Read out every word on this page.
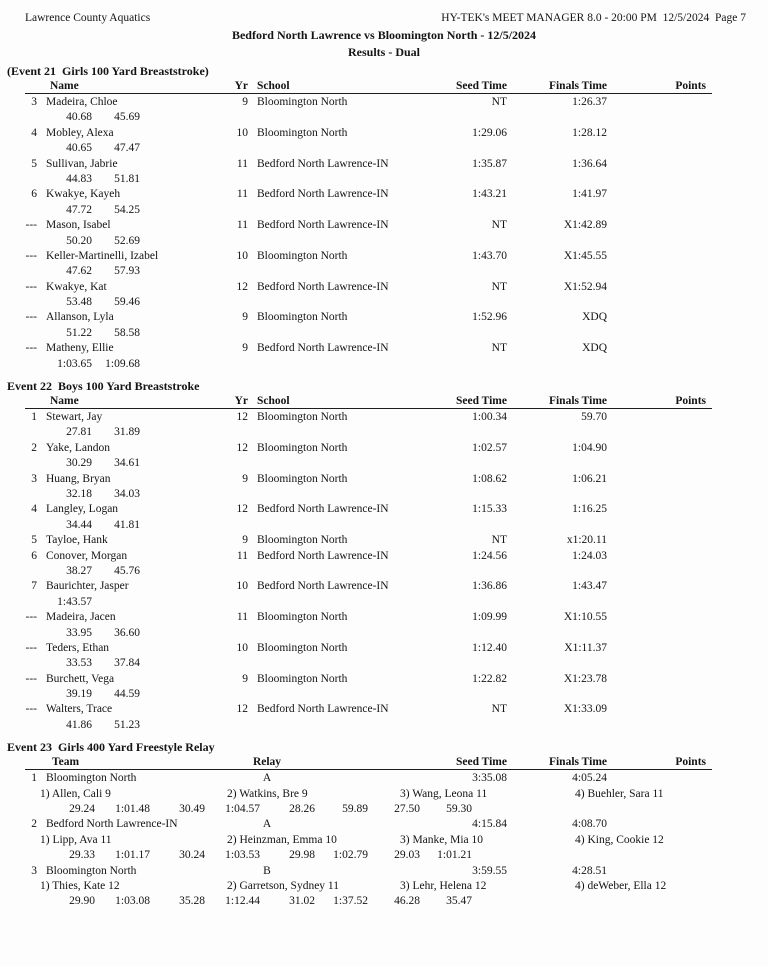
Lawrence County Aquatics	HY-TEK's MEET MANAGER 8.0 - 20:00 PM  12/5/2024  Page 7
Bedford North Lawrence vs Bloomington North - 12/5/2024
Results - Dual
(Event 21  Girls 100 Yard Breaststroke)
Name	Yr School	Seed Time	Finals Time	Points
3 Madeira, Chloe	9 Bloomington North	NT	1:26.37
40.68	45.69
4 Mobley, Alexa	10 Bloomington North	1:29.06	1:28.12
40.65	47.47
5 Sullivan, Jabrie	11 Bedford North Lawrence-IN	1:35.87	1:36.64
44.83	51.81
6 Kwakye, Kayeh	11 Bedford North Lawrence-IN	1:43.21	1:41.97
47.72	54.25
--- Mason, Isabel	11 Bedford North Lawrence-IN	NT	X1:42.89
50.20	52.69
--- Keller-Martinelli, Izabel	10 Bloomington North	1:43.70	X1:45.55
47.62	57.93
--- Kwakye, Kat	12 Bedford North Lawrence-IN	NT	X1:52.94
53.48	59.46
--- Allanson, Lyla	9 Bloomington North	1:52.96	XDQ
51.22	58.58
--- Matheny, Ellie	9 Bedford North Lawrence-IN	NT	XDQ
1:03.65	1:09.68
Event 22  Boys 100 Yard Breaststroke
Name	Yr School	Seed Time	Finals Time	Points
1 Stewart, Jay	12 Bloomington North	1:00.34	59.70
27.81	31.89
2 Yake, Landon	12 Bloomington North	1:02.57	1:04.90
30.29	34.61
3 Huang, Bryan	9 Bloomington North	1:08.62	1:06.21
32.18	34.03
4 Langley, Logan	12 Bedford North Lawrence-IN	1:15.33	1:16.25
34.44	41.81
5 Tayloe, Hank	9 Bloomington North	NT	x1:20.11
6 Conover, Morgan	11 Bedford North Lawrence-IN	1:24.56	1:24.03
38.27	45.76
7 Baurichter, Jasper	10 Bedford North Lawrence-IN	1:36.86	1:43.47
1:43.57
--- Madeira, Jacen	11 Bloomington North	1:09.99	X1:10.55
33.95	36.60
--- Teders, Ethan	10 Bloomington North	1:12.40	X1:11.37
33.53	37.84
--- Burchett, Vega	9 Bloomington North	1:22.82	X1:23.78
39.19	44.59
--- Walters, Trace	12 Bedford North Lawrence-IN	NT	X1:33.09
41.86	51.23
Event 23  Girls 400 Yard Freestyle Relay
Team	Relay	Seed Time	Finals Time	Points
1 Bloomington North	A	3:35.08	4:05.24
1) Allen, Cali 9	2) Watkins, Bre 9	3) Wang, Leona 11	4) Buehler, Sara 11
29.24	1:01.48	30.49	1:04.57	28.26	59.89	27.50	59.30
2 Bedford North Lawrence-IN	A	4:15.84	4:08.70
1) Lipp, Ava 11	2) Heinzman, Emma 10	3) Manke, Mia 10	4) King, Cookie 12
29.33	1:01.17	30.24	1:03.53	29.98	1:02.79	29.03	1:01.21
3 Bloomington North	B	3:59.55	4:28.51
1) Thies, Kate 12	2) Garretson, Sydney 11	3) Lehr, Helena 12	4) deWeber, Ella 12
29.90	1:03.08	35.28	1:12.44	31.02	1:37.52	46.28	35.47
